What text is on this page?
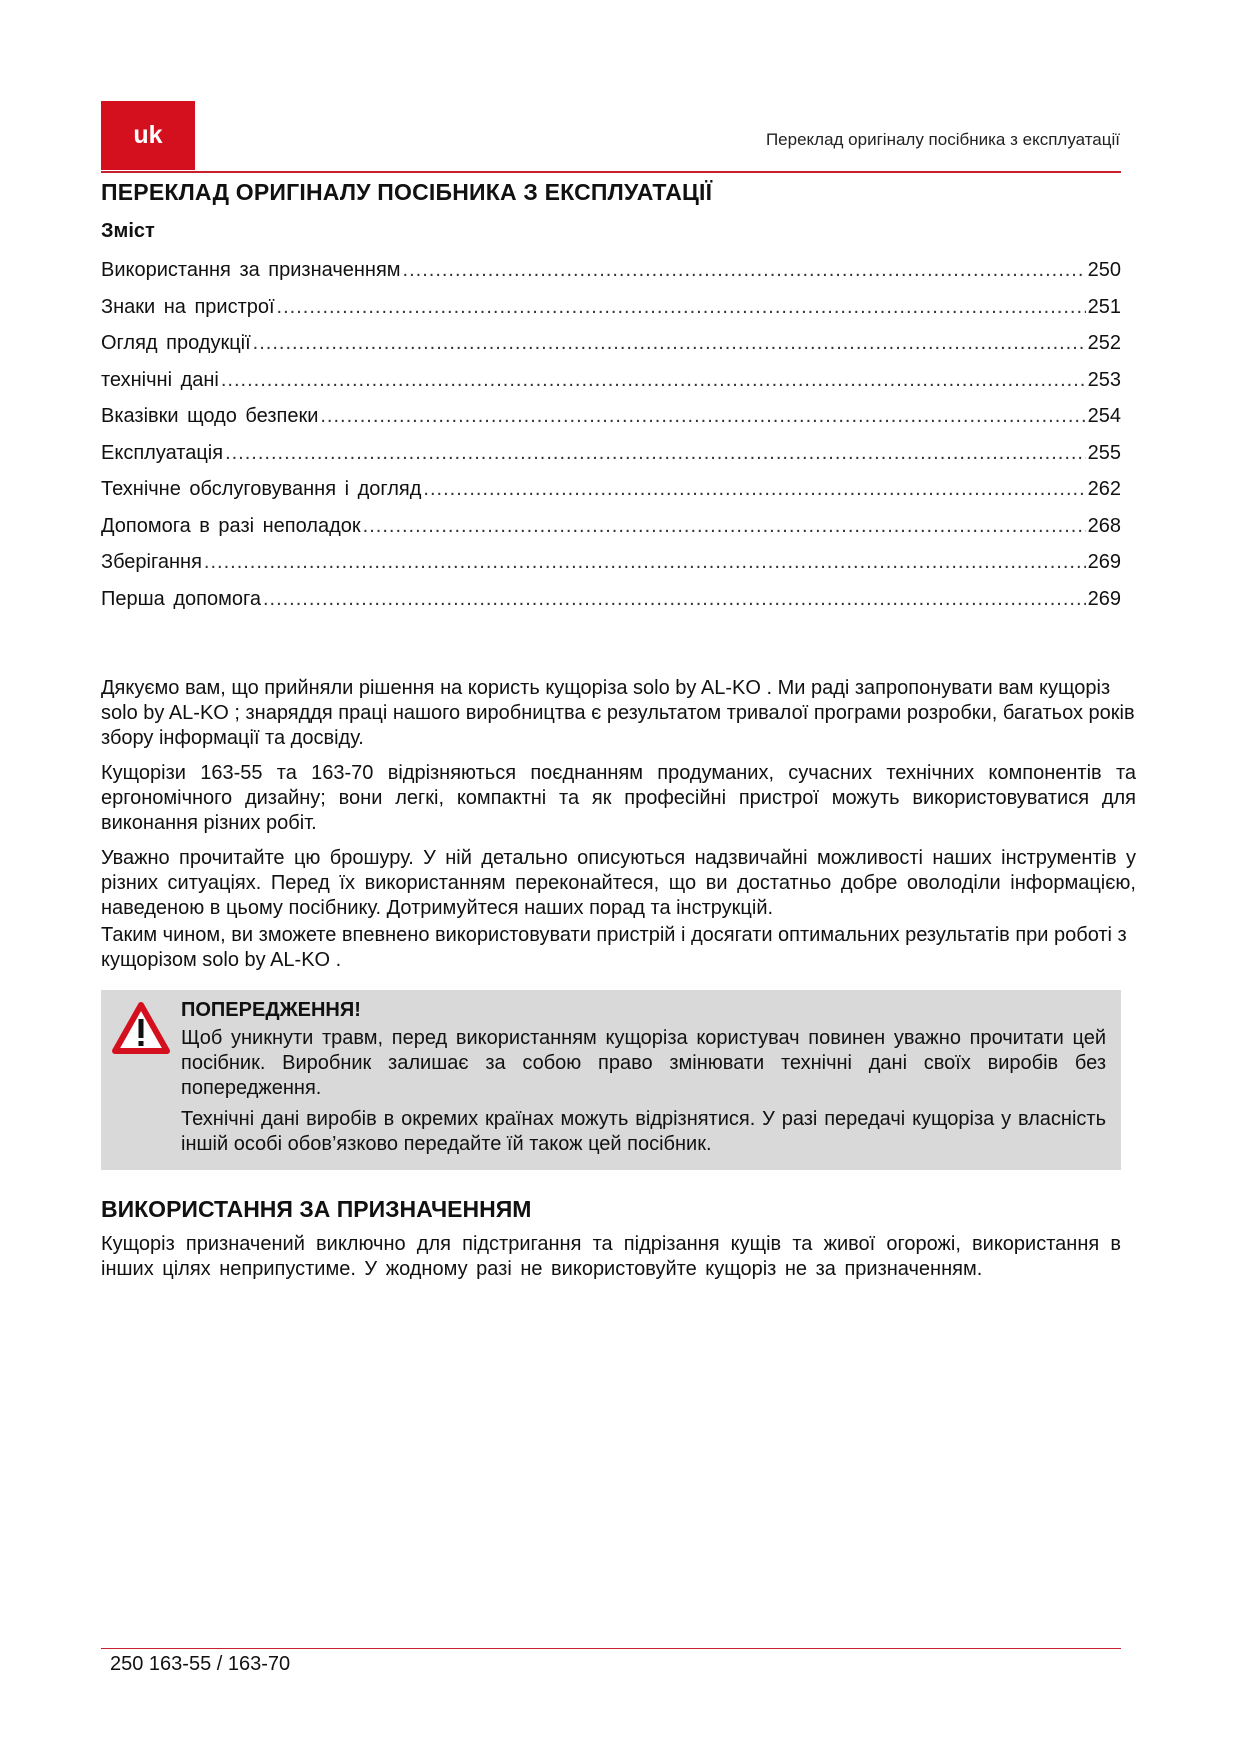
uk	Переклад оригіналу посібника з експлуатації
ПЕРЕКЛАД ОРИГІНАЛУ ПОСІБНИКА З ЕКСПЛУАТАЦІЇ
Зміст
Використання за призначенням .....	250
Знаки на пристрої .....	251
Огляд продукції .....	252
технічні дані .....	253
Вказівки щодо безпеки .....	254
Експлуатація .....	255
Технічне обслуговування і догляд .....	262
Допомога в разі неполадок .....	268
Зберігання .....	269
Перша допомога .....	269

Дякуємо вам, що прийняли рішення на користь кущоріза solo by AL-KO . Ми раді запропонувати вам кущоріз solo by AL-KO ; знаряддя праці нашого виробництва є результатом тривалої програми розробки, багатьох років збору інформації та досвіду.

Кущорізи 163-55 та 163-70 відрізняються поєднанням продуманих, сучасних технічних компонентів та ергономічного дизайну; вони легкі, компактні та як професійні пристрої можуть використовуватися для виконання різних робіт.

Уважно прочитайте цю брошуру. У ній детально описуються надзвичайні можливості наших інструментів у різних ситуаціях. Перед їх використанням переконайтеся, що ви достатньо добре оволоділи інформацією, наведеною в цьому посібнику. Дотримуйтеся наших порад та інструкцій.

Таким чином, ви зможете впевнено використовувати пристрій і досягати оптимальних результатів при роботі з кущорізом solo by AL-KO .

ПОПЕРЕДЖЕННЯ!

Щоб уникнути травм, перед використанням кущоріза користувач повинен уважно прочитати цей посібник. Виробник залишає за собою право змінювати технічні дані своїх виробів без попередження.

Технічні дані виробів в окремих країнах можуть відрізнятися. У разі передачі кущоріза у власність іншій особі обов’язково передайте їй також цей посібник.

ВИКОРИСТАННЯ ЗА ПРИЗНАЧЕННЯМ
Кущоріз призначений виключно для підстригання та підрізання кущів та живої огорожі, використання в інших цілях неприпустиме. У жодному разі не використовуйте кущоріз не за призначенням.
250 163-55 / 163-70
